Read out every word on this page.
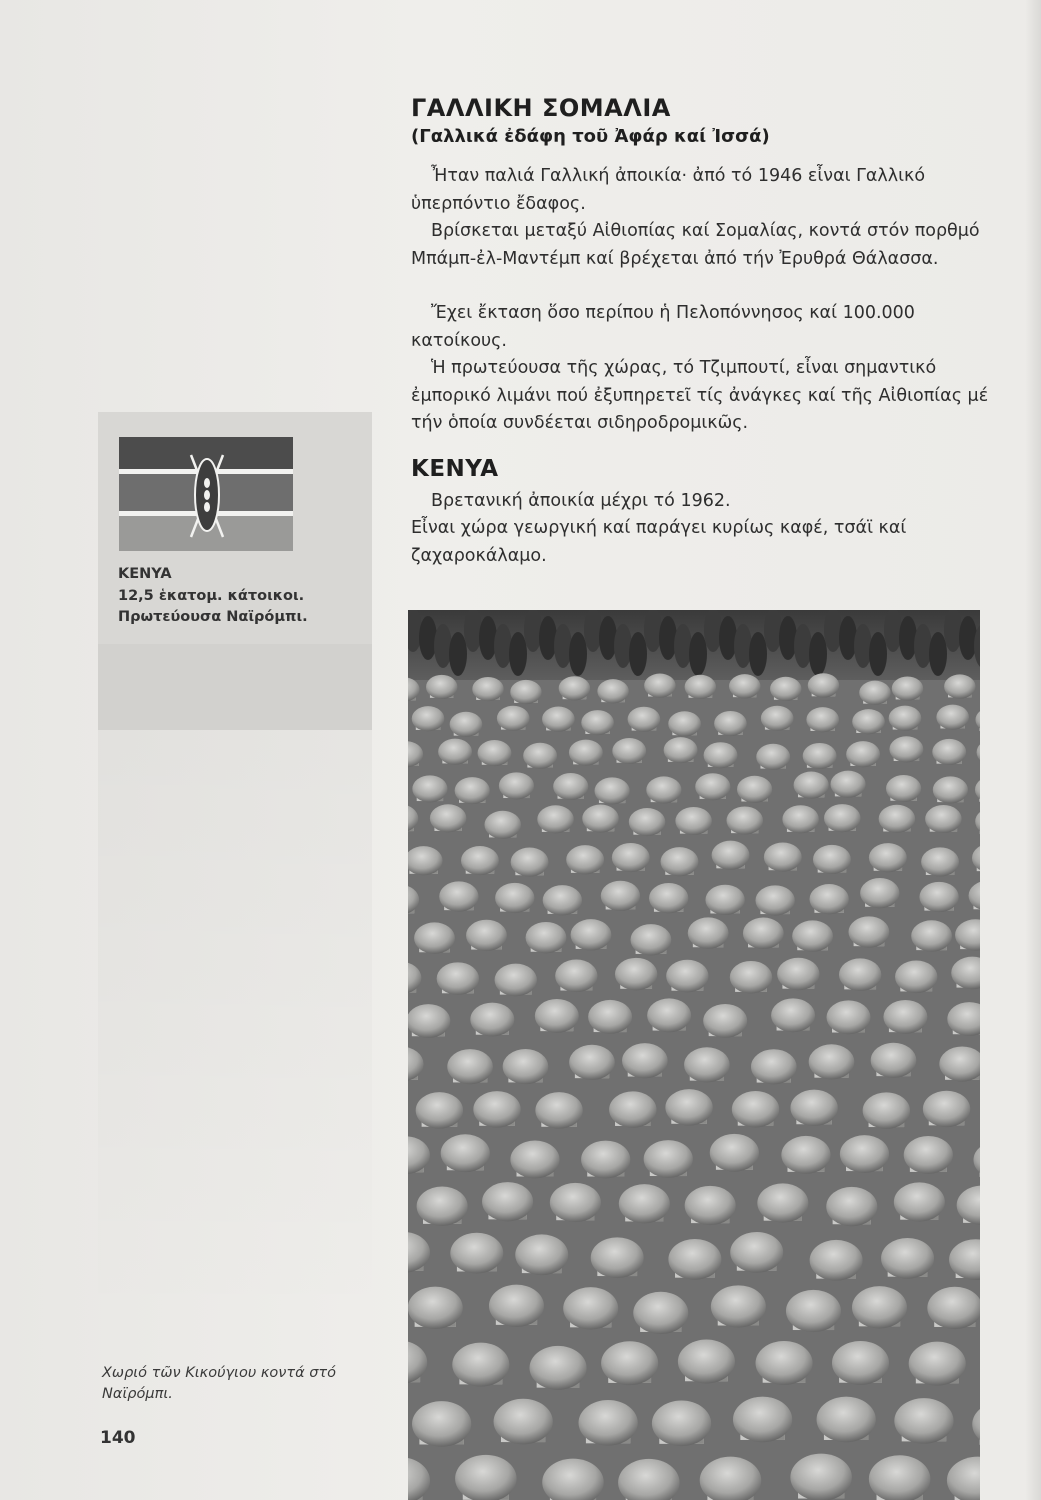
ΓΑΛΛΙΚΗ ΣΟΜΑΛΙΑ
(Γαλλικά ἐδάφη τοῦ Ἀφάρ καί Ἰσσά)

Ἦταν παλιά Γαλλική ἀποικία· ἀπό τό 1946 εἶναι Γαλλικό ὑπερπόντιο ἔδαφος.

Βρίσκεται μεταξύ Αἰθιοπίας καί Σομαλίας, κοντά στόν πορθμό Μπάμπ-ἐλ-Μαντέμπ καί βρέχεται ἀπό τήν Ἐρυθρά Θάλασσα.

Ἔχει ἔκταση ὅσο περίπου ἡ Πελοπόννησος καί 100.000 κατοίκους.

Ἡ πρωτεύουσα τῆς χώρας, τό Τζιμπουτί, εἶναι σημαντικό ἐμπορικό λιμάνι πού ἐξυπηρετεῖ τίς ἀνάγκες καί τῆς Αἰθιοπίας μέ τήν ὁποία συνδέεται σιδηροδρομικῶς.

KENYA

Βρετανική ἀποικία μέχρι τό 1962.

Εἶναι χώρα γεωργική καί παράγει κυρίως καφέ, τσάϊ καί ζαχαροκάλαμο.

KENYA
12,5 ἑκατομ. κάτοικοι.
Πρωτεύουσα Ναϊρόμπι.

Χωριό τῶν Κικούγιου κοντά στό Ναϊρόμπι.

140
